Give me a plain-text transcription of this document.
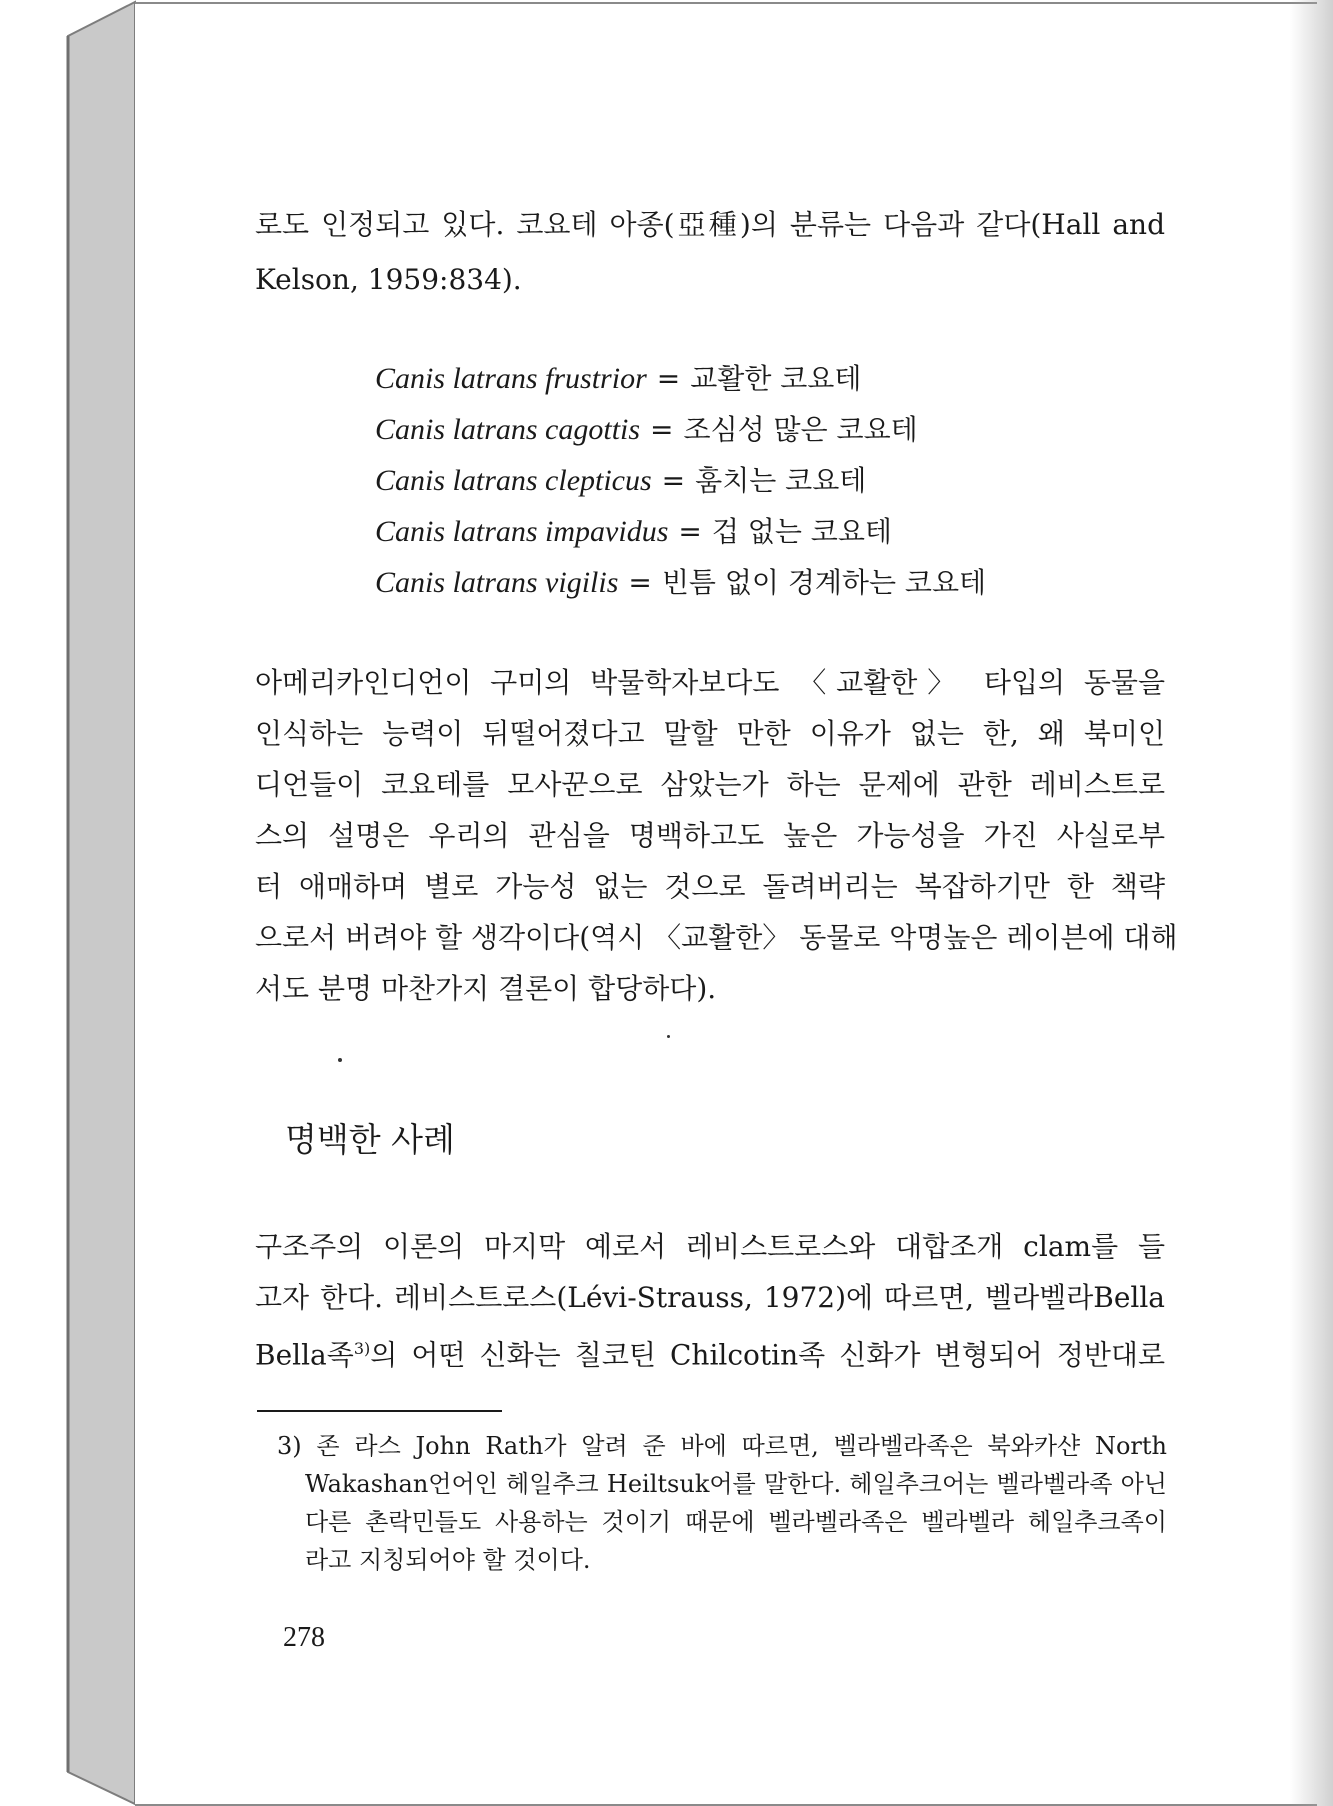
로도 인정되고 있다. 코요테 아종(亞種)의 분류는 다음과 같다(Hall and
Kelson, 1959:834).
Canis latrans frustrior = 교활한 코요테
Canis latrans cagottis = 조심성 많은 코요테
Canis latrans clepticus = 훔치는 코요테
Canis latrans impavidus = 겁 없는 코요테
Canis latrans vigilis = 빈틈 없이 경계하는 코요테
아메리카인디언이 구미의 박물학자보다도 〈교활한〉 타입의 동물을
인식하는 능력이 뒤떨어졌다고 말할 만한 이유가 없는 한, 왜 북미인
디언들이 코요테를 모사꾼으로 삼았는가 하는 문제에 관한 레비스트로
스의 설명은 우리의 관심을 명백하고도 높은 가능성을 가진 사실로부
터 애매하며 별로 가능성 없는 것으로 돌려버리는 복잡하기만 한 책략
으로서 버려야 할 생각이다(역시 〈교활한〉 동물로 악명높은 레이븐에 대해
서도 분명 마찬가지 결론이 합당하다).
명백한 사례
구조주의 이론의 마지막 예로서 레비스트로스와 대합조개 clam를 들
고자 한다. 레비스트로스(Lévi-Strauss, 1972)에 따르면, 벨라벨라Bella
Bella족$^{3)}$의 어떤 신화는 칠코틴 Chilcotin족 신화가 변형되어 정반대로
3) 존 라스 John Rath가 알려 준 바에 따르면, 벨라벨라족은 북와카샨 North
Wakashan언어인 헤일추크 Heiltsuk어를 말한다. 헤일추크어는 벨라벨라족 아닌
다른 촌락민들도 사용하는 것이기 때문에 벨라벨라족은 벨라벨라 헤일추크족이
라고 지칭되어야 할 것이다.
278
